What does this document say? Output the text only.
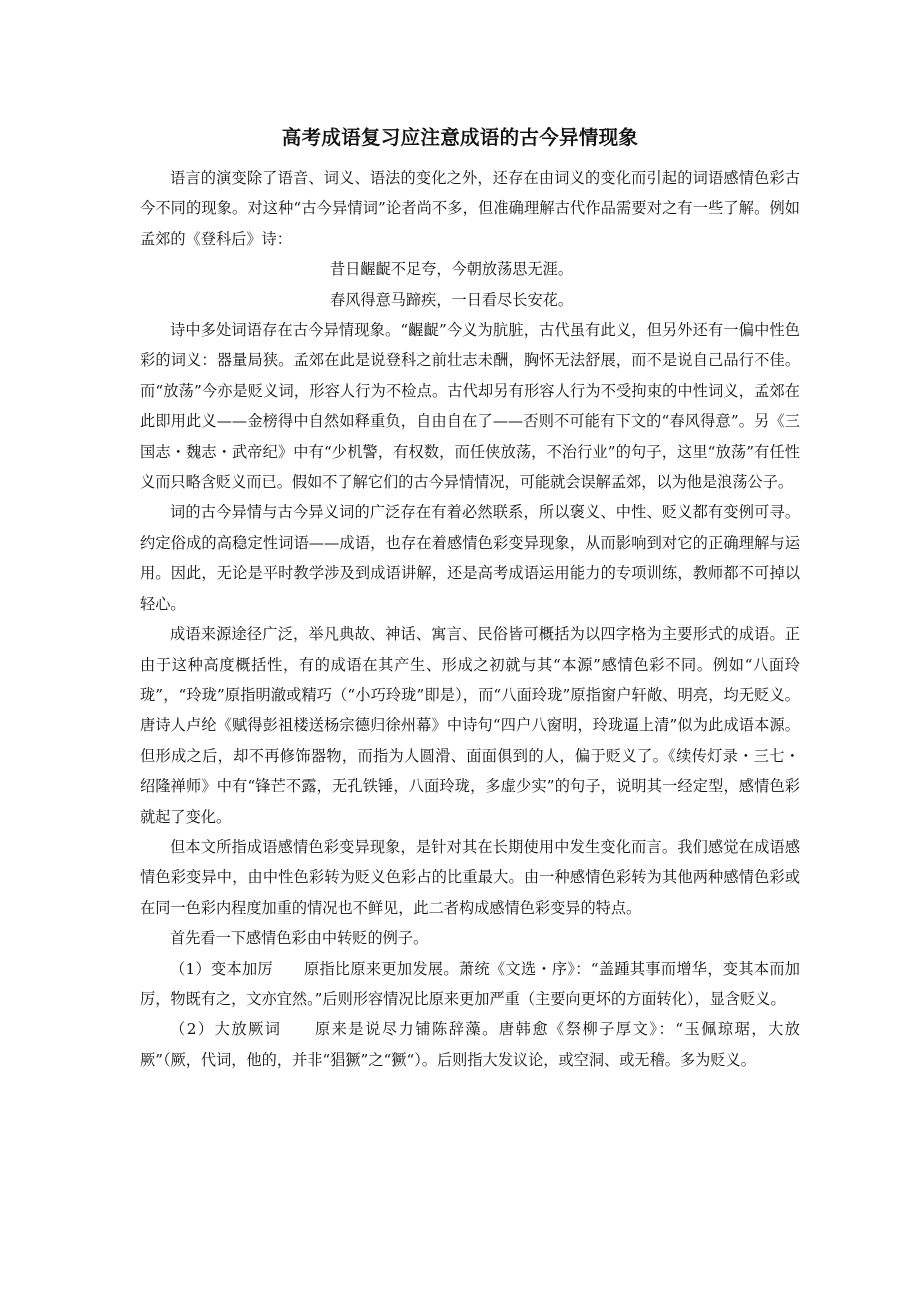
高考成语复习应注意成语的古今异情现象

语言的演变除了语音、词义、语法的变化之外，还存在由词义的变化而引起的词语感情色彩古今不同的现象。对这种“古今异情词”论者尚不多，但准确理解古代作品需要对之有一些了解。例如孟郊的《登科后》诗：

昔日齷齪不足夸，今朝放荡思无涯。

春风得意马蹄疾，一日看尽长安花。

诗中多处词语存在古今异情现象。“齷齪”今义为肮脏，古代虽有此义，但另外还有一偏中性色彩的词义：器量局狭。孟郊在此是说登科之前壮志未酬，胸怀无法舒展，而不是说自己品行不佳。而“放荡”今亦是贬义词，形容人行为不检点。古代却另有形容人行为不受拘束的中性词义，孟郊在此即用此义——金榜得中自然如释重负，自由自在了——否则不可能有下文的“春风得意”。另《三国志・魏志・武帝纪》中有“少机警，有权数，而任侠放荡，不治行业”的句子，这里“放荡”有任性义而只略含贬义而已。假如不了解它们的古今异情情况，可能就会误解孟郊，以为他是浪荡公子。

词的古今异情与古今异义词的广泛存在有着必然联系，所以褒义、中性、贬义都有变例可寻。约定俗成的高稳定性词语——成语，也存在着感情色彩变异现象，从而影响到对它的正确理解与运用。因此，无论是平时教学涉及到成语讲解，还是高考成语运用能力的专项训练，教师都不可掉以轻心。

成语来源途径广泛，举凡典故、神话、寓言、民俗皆可概括为以四字格为主要形式的成语。正由于这种高度概括性，有的成语在其产生、形成之初就与其“本源”感情色彩不同。例如“八面玲珑”，“玲珑”原指明澈或精巧（“小巧玲珑”即是），而“八面玲珑”原指窗户轩敞、明亮，均无贬义。唐诗人卢纶《赋得彭祖楼送杨宗德归徐州幕》中诗句“四户八窗明，玲珑逼上清”似为此成语本源。但形成之后，却不再修饰器物，而指为人圆滑、面面俱到的人，偏于贬义了。《续传灯录・三七・绍隆禅师》中有“锋芒不露，无孔铁锤，八面玲珑，多虚少实”的句子，说明其一经定型，感情色彩就起了变化。

但本文所指成语感情色彩变异现象，是针对其在长期使用中发生变化而言。我们感觉在成语感情色彩变异中，由中性色彩转为贬义色彩占的比重最大。由一种感情色彩转为其他两种感情色彩或在同一色彩内程度加重的情况也不鲜见，此二者构成感情色彩变异的特点。

首先看一下感情色彩由中转贬的例子。

（1）变本加厉　　原指比原来更加发展。萧统《文选・序》：“盖踵其事而增华，变其本而加厉，物既有之，文亦宜然。”后则形容情况比原来更加严重（主要向更坏的方面转化），显含贬义。

（2）大放厥词　　原来是说尽力铺陈辞藻。唐韩愈《祭柳子厚文》：“玉佩琼琚，大放厥”（厥，代词，他的，并非“猖獗”之“獗“）。后则指大发议论，或空洞、或无稽。多为贬义。
